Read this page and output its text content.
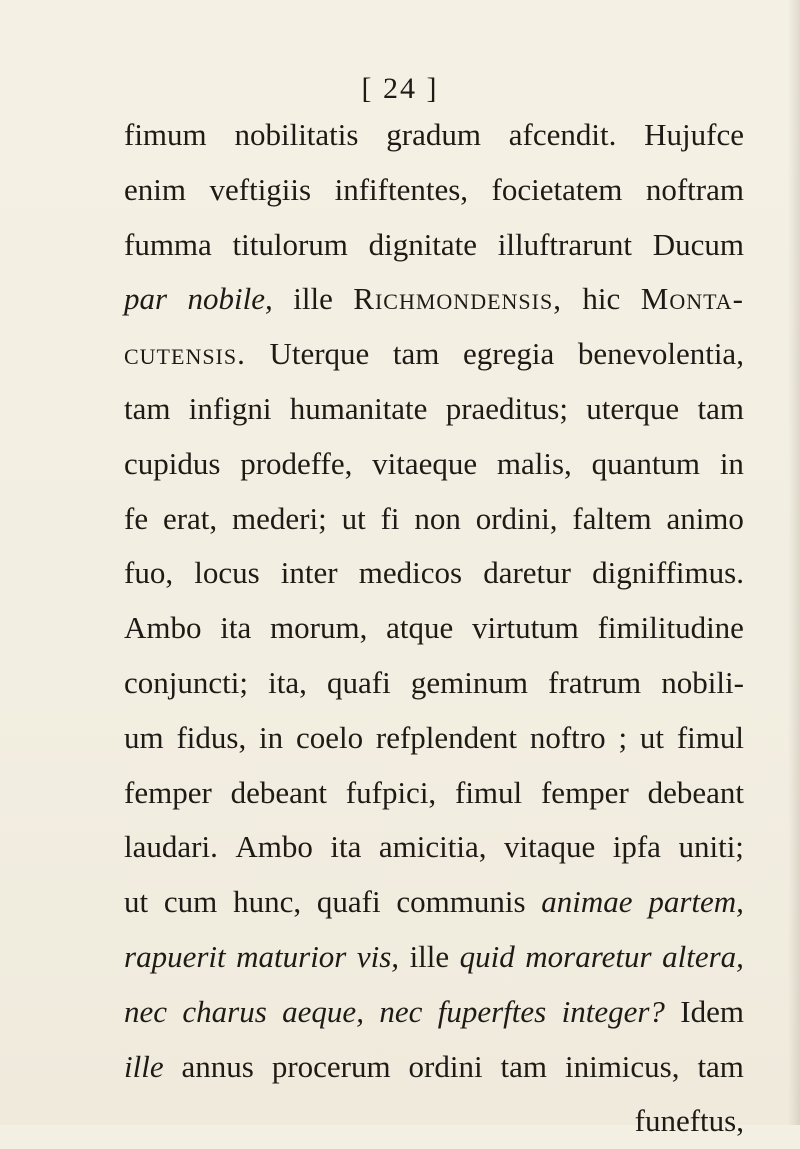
[ 24 ]
fimum nobilitatis gradum afcendit. Hujufce
enim veftigiis infiftentes, focietatem noftram
fumma titulorum dignitate illuftrarunt Ducum
par nobile, ille Richmondensis, hic Monta-
cutensis. Uterque tam egregia benevolentia,
tam infigni humanitate praeditus; uterque tam
cupidus prodeffe, vitaeque malis, quantum in
fe erat, mederi; ut fi non ordini, faltem animo
fuo, locus inter medicos daretur digniffimus.
Ambo ita morum, atque virtutum fimilitudine
conjuncti; ita, quafi geminum fratrum nobili-
um fidus, in coelo refplendent noftro ; ut fimul
femper debeant fufpici, fimul femper debeant
laudari. Ambo ita amicitia, vitaque ipfa uniti;
ut cum hunc, quafi communis animae partem,
rapuerit maturior vis, ille quid moraretur altera,
nec charus aeque, nec fuperftes integer? Idem
ille annus procerum ordini tam inimicus, tam
funeftus,
